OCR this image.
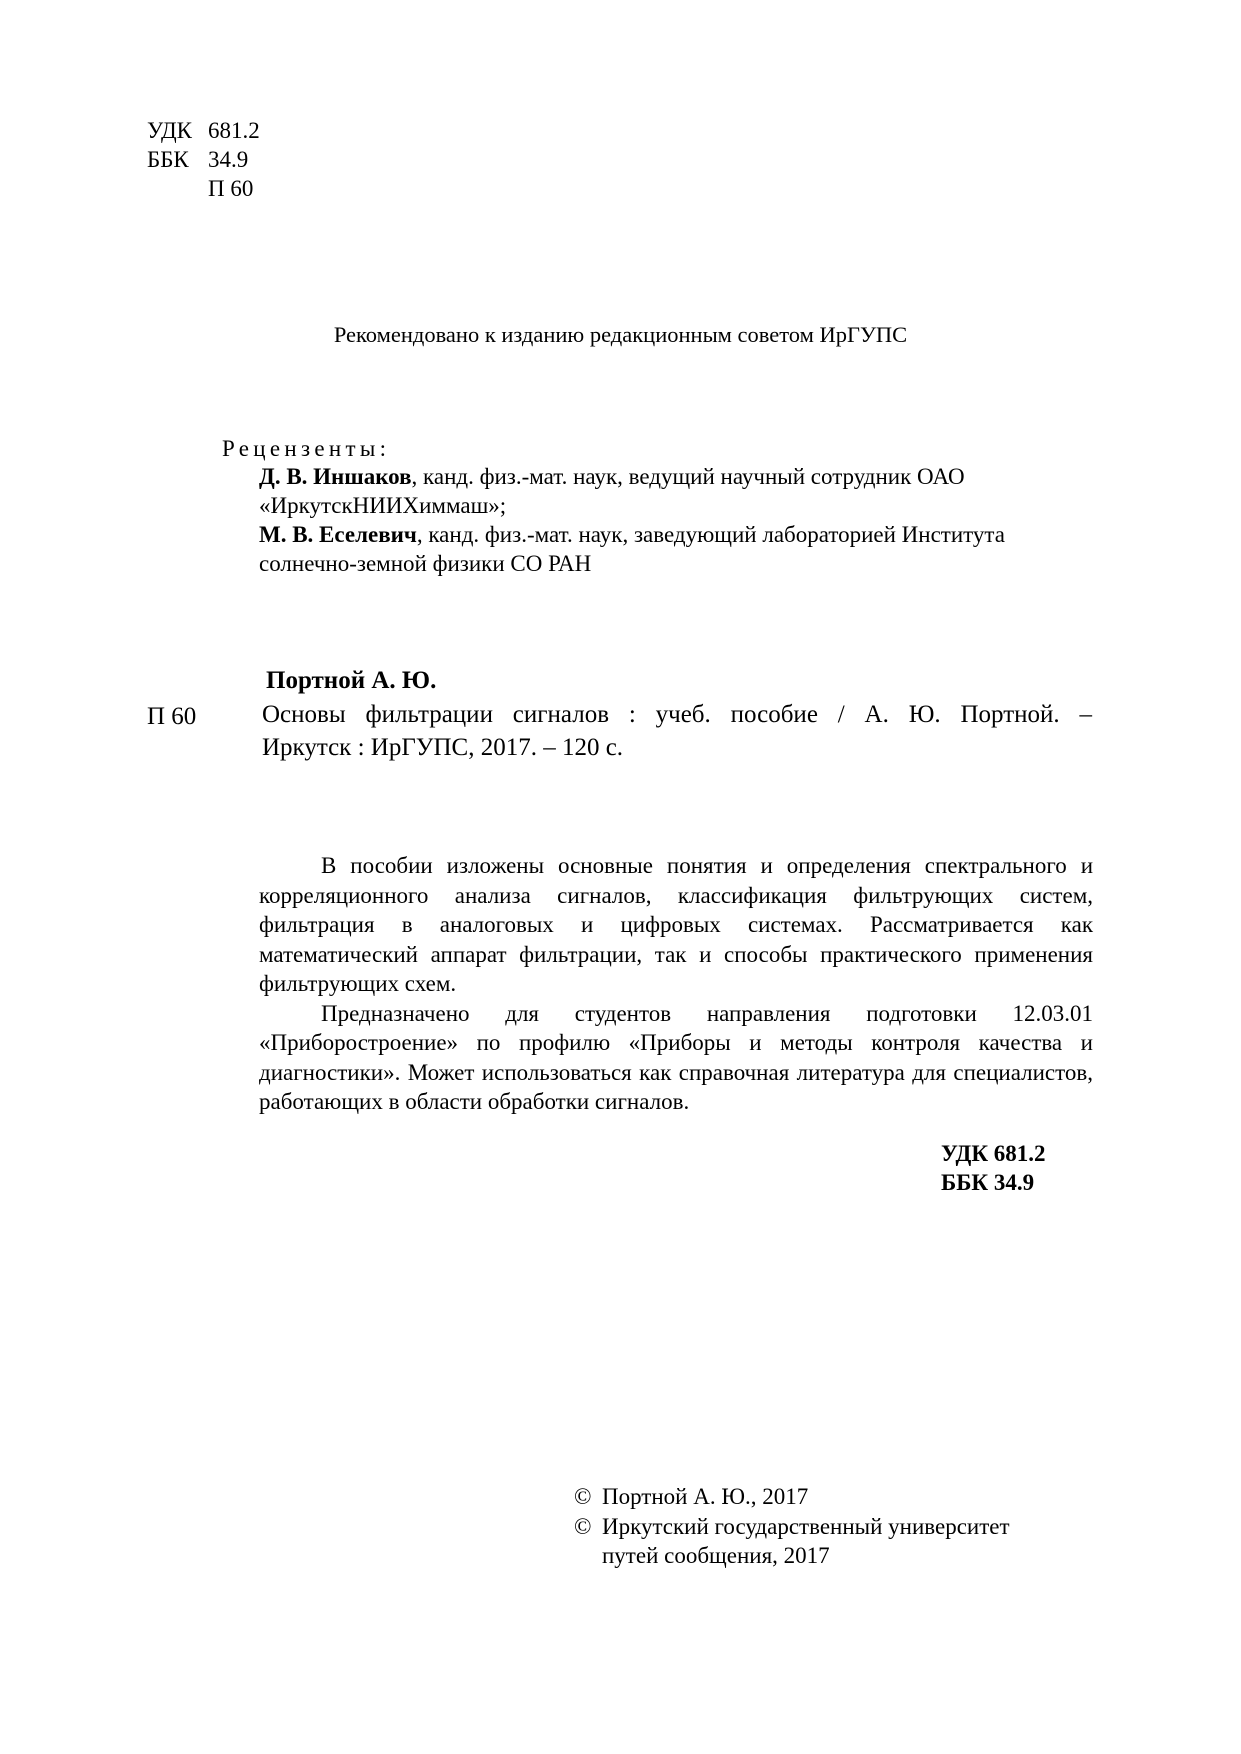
УДК 681.2
ББК 34.9
П 60
Рекомендовано к изданию редакционным советом ИрГУПС
Рецензенты:
Д. В. Иншаков, канд. физ.-мат. наук, ведущий научный сотрудник ОАО
«ИркутскНИИХиммаш»;
М. В. Еселевич, канд. физ.-мат. наук, заведующий лабораторией Института
солнечно-земной физики СО РАН
Портной А. Ю.
П 60	Основы фильтрации сигналов : учеб. пособие / А. Ю. Портной. –
Иркутск : ИрГУПС, 2017. – 120 с.

В пособии изложены основные понятия и определения спектрального и корреляционного анализа сигналов, классификация фильтрующих систем, фильтрация в аналоговых и цифровых системах. Рассматривается как математический аппарат фильтрации, так и способы практического применения фильтрующих схем.

Предназначено для студентов направления подготовки 12.03.01 «Приборостроение» по профилю «Приборы и методы контроля качества и диагностики». Может использоваться как справочная литература для специалистов, работающих в области обработки сигналов.

УДК 681.2
ББК 34.9
© Портной А. Ю., 2017
© Иркутский государственный университет
путей сообщения, 2017
